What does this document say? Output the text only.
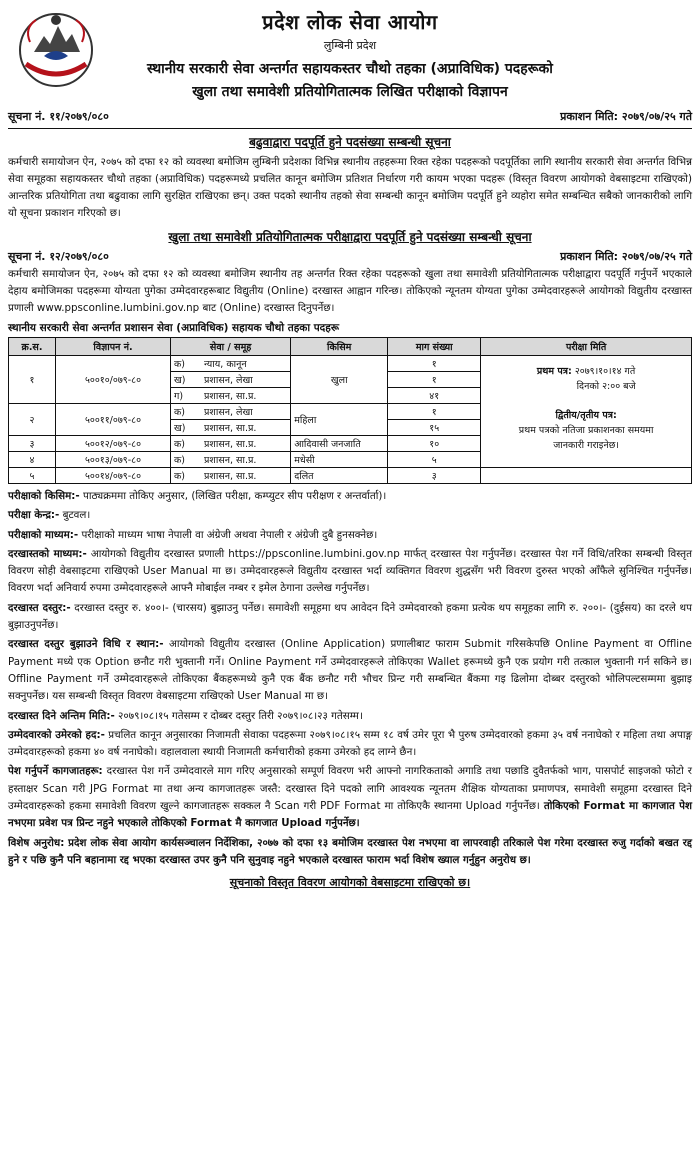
प्रदेश लोक सेवा आयोग
लुम्बिनी प्रदेश
स्थानीय सरकारी सेवा अन्तर्गत सहायकस्तर चौथो तहका (अप्राविधिक) पदहरूको
खुला तथा समावेशी प्रतियोगितात्मक लिखित परीक्षाको विज्ञापन
सूचना नं. ११/२०७९/०८०	प्रकाशन मिति: २०७९/०७/२५ गते
बढुवाद्वारा पदपूर्ति हुने पदसंख्या सम्बन्धी सूचना
कर्मचारी समायोजन ऐन, २०७५ को दफा १२ को व्यवस्था बमोजिम लुम्बिनी प्रदेशका विभिन्न स्थानीय तहहरूमा रिक्त रहेका पदहरूको पदपूर्तिका लागि स्थानीय सरकारी सेवा अन्तर्गत विभिन्न सेवा समूहका सहायकस्तर चौथो तहका (अप्राविधिक) पदहरूमध्ये प्रचलित कानून बमोजिम प्रतिशत निर्धारण गरी कायम भएका पदहरू (विस्तृत विवरण आयोगको वेबसाइटमा राखिएको) आन्तरिक प्रतियोगिता तथा बढुवाका लागि सुरक्षित राखिएका छन्। उक्त पदको स्थानीय तहको सेवा सम्बन्धी कानून बमोजिम पदपूर्ति हुने व्यहोरा समेत सम्बन्धित सबैको जानकारीको लागि यो सूचना प्रकाशन गरिएको छ।
खुला तथा समावेशी प्रतियोगितात्मक परीक्षाद्वारा पदपूर्ति हुने पदसंख्या सम्बन्धी सूचना
सूचना नं. १२/२०७९/०८०	प्रकाशन मिति: २०७९/०७/२५ गते
कर्मचारी समायोजन ऐन, २०७५ को दफा १२ को व्यवस्था बमोजिम स्थानीय तह अन्तर्गत रिक्त रहेका पदहरूको खुला तथा समावेशी प्रतियोगितात्मक परीक्षाद्वारा पदपूर्ति गर्नुपर्ने भएकाले देहाय बमोजिमका पदहरूमा योग्यता पुगेका उम्मेदवारहरूबाट विद्युतीय (Online) दरखास्त आह्वान गरिन्छ। तोकिएको न्यूनतम योग्यता पुगेका उम्मेदवारहरूले आयोगको विद्युतीय दरखास्त प्रणाली www.ppsconline.lumbini.gov.np बाट (Online) दरखास्त दिनुपर्नेछ।
स्थानीय सरकारी सेवा अन्तर्गत प्रशासन सेवा (अप्राविधिक) सहायक चौथो तहका पदहरू
क्र.स.	विज्ञापन नं.	सेवा / समूह		किसिम	माग संख्या	परीक्षा मिति
१	५००१०/०७९-८०	क)	न्याय, कानून	खुला	१	प्रथम पत्र: २०७९।१०।१४ गते
दिनको २:०० बजे
द्वितीय/तृतीय पत्र:
प्रथम पत्रको नतिजा प्रकाशनका समयमा जानकारी गराइनेछ।

		ख)	प्रशासन, लेखा		१	
		ग)	प्रशासन, सा.प्र.		४१	
२	५००११/०७९-८०	क)	प्रशासन, लेखा	महिला	१	
		ख)	प्रशासन, सा.प्र.		१५	
३	५००१२/०७९-८०	क)	प्रशासन, सा.प्र.	आदिवासी जनजाति	१०	
४	५००१३/०७९-८०	क)	प्रशासन, सा.प्र.	मधेसी	५	
५	५००१४/०७९-८०	क)	प्रशासन, सा.प्र.	दलित	३	

परीक्षाको किसिम:- पाठ्यक्रममा तोकिए अनुसार, (लिखित परीक्षा, कम्प्युटर सीप परीक्षण र अन्तर्वार्ता)।

परीक्षा केन्द्र:- बुटवल।

परीक्षाको माध्यम:- परीक्षाको माध्यम भाषा नेपाली वा अंग्रेजी अथवा नेपाली र अंग्रेजी दुबै हुनसक्नेछ।

दरखास्तको माध्यम:- आयोगको विद्युतीय दरखास्त प्रणाली https://ppsconline.lumbini.gov.np मार्फत् दरखास्त पेश गर्नुपर्नेछ। दरखास्त पेश गर्ने विधि/तरिका सम्बन्धी विस्तृत विवरण सोही वेबसाइटमा राखिएको User Manual मा छ। उम्मेदवारहरूले विद्युतीय दरखास्त भर्दा व्यक्तिगत विवरण शुद्धसँग भरी विवरण दुरुस्त भएको आँफैले सुनिश्चित गर्नुपर्नेछ। विवरण भर्दा अनिवार्य रुपमा उम्मेदवारहरूले आफ्नै मोबाईल नम्बर र इमेल ठेगाना उल्लेख गर्नुपर्नेछ।

दरखास्त दस्तुर:- दरखास्त दस्तुर रु. ४००।- (चारसय) बुझाउनु पर्नेछ। समावेशी समूहमा थप आवेदन दिने उम्मेदवारको हकमा प्रत्येक थप समूहका लागि रु. २००।- (दुईसय) का दरले थप बुझाउनुपर्नेछ।

दरखास्त दस्तुर बुझाउने विधि र स्थान:- आयोगको विद्युतीय दरखास्त (Online Application) प्रणालीबाट फाराम Submit गरिसकेपछि Online Payment वा Offline Payment मध्ये एक Option छनौट गरी भुक्तानी गर्ने। Online Payment गर्ने उम्मेदवारहरूले तोकिएका Wallet हरूमध्ये कुनै एक प्रयोग गरी तत्काल भुक्तानी गर्न सकिने छ। Offline Payment गर्ने उम्मेदवारहरूले तोकिएका बैंकहरूमध्ये कुनै एक बैंक छनौट गरी भौचर प्रिन्ट गरी सम्बन्धित बैंकमा गइ ढिलोमा दोब्बर दस्तुरको भोलिपल्टसम्ममा बुझाइ सक्नुपर्नेछ। यस सम्बन्धी विस्तृत विवरण वेबसाइटमा राखिएको User Manual मा छ।

दरखास्त दिने अन्तिम मिति:- २०७९।०८।१५ गतेसम्म र दोब्बर दस्तुर तिरी २०७९।०८।२३ गतेसम्म।

उम्मेदवारको उमेरको हद:- प्रचलित कानून अनुसारका निजामती सेवाका पदहरूमा २०७९।०८।१५ सम्म १८ वर्ष उमेर पूरा भै पुरुष उम्मेदवारको हकमा ३५ वर्ष ननाघेको र महिला तथा अपाङ्ग उम्मेदवारहरूको हकमा ४० वर्ष ननाघेको। वहालवाला स्थायी निजामती कर्मचारीको हकमा उमेरको हद लाग्ने छैन।

पेश गर्नुपर्ने कागजातहरू: दरखास्त पेश गर्ने उम्मेदवारले माग गरिए अनुसारको सम्पूर्ण विवरण भरी आफ्नो नागरिकताको अगाडि तथा पछाडि दुवैतर्फको भाग, पासपोर्ट साइजको फोटो र हस्ताक्षर Scan गरी JPG Format मा तथा अन्य कागजातहरू जस्तै: दरखास्त दिने पदको लागि आवश्यक न्यूनतम शैक्षिक योग्यताका प्रमाणपत्र, समावेशी समूहमा दरखास्त दिने उम्मेदवारहरूको हकमा समावेशी विवरण खुल्ने कागजातहरू सक्कल नै Scan गरी PDF Format मा तोकिएकै स्थानमा Upload गर्नुपर्नेछ। तोकिएको Format मा कागजात पेश नभएमा प्रवेश पत्र प्रिन्ट नहुने भएकाले तोकिएको Format मै कागजात Upload गर्नुपर्नेछ।

विशेष अनुरोध: प्रदेश लोक सेवा आयोग कार्यसञ्चालन निर्देशिका, २०७७ को दफा १३ बमोजिम दरखास्त पेश नभएमा वा लापरवाही तरिकाले पेश गरेमा दरखास्त रुजु गर्दाको बखत रद्द हुने र पछि कुनै पनि बहानामा रद्द भएका दरखास्त उपर कुनै पनि सुनुवाइ नहुने भएकाले दरखास्त फाराम भर्दा विशेष ख्याल गर्नुहुन अनुरोध छ।

सूचनाको विस्तृत विवरण आयोगको वेबसाइटमा राखिएको छ।
